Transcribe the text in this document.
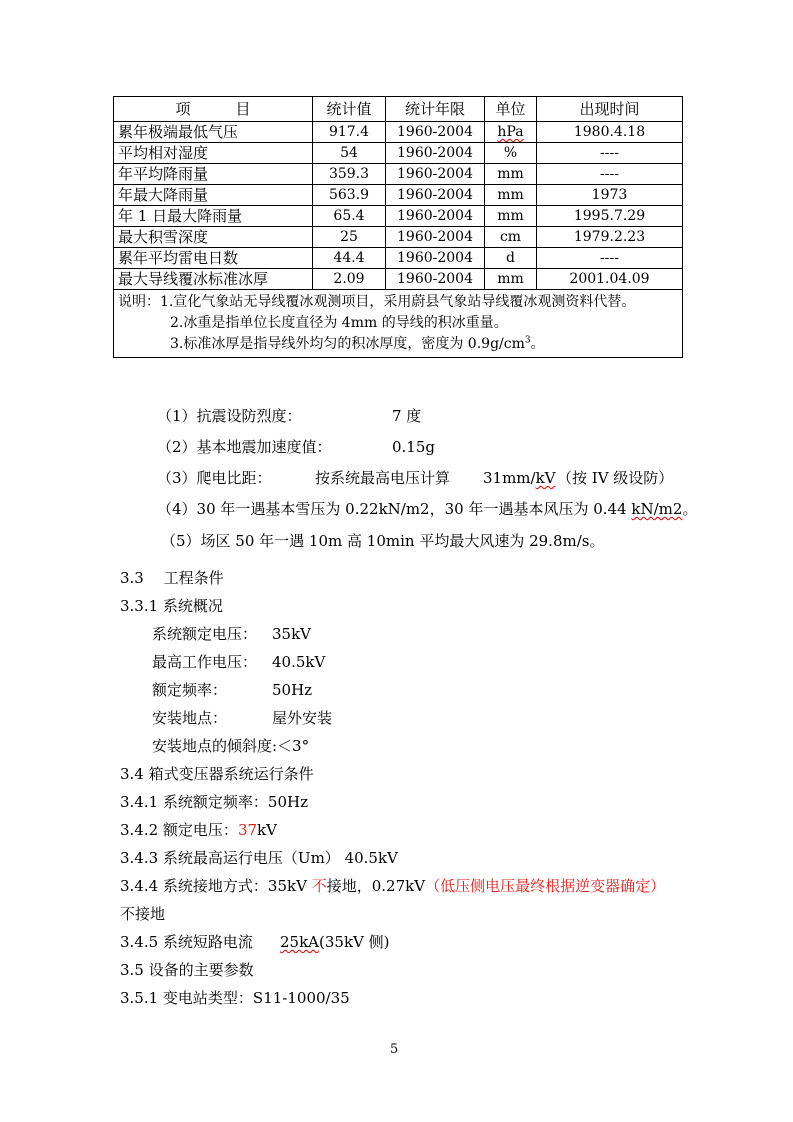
项　　　目	统计值	统计年限	单位	出现时间
累年极端最低气压	917.4	1960-2004	hPa	1980.4.18
平均相对湿度	54	1960-2004	%	----
年平均降雨量	359.3	1960-2004	mm	----
年最大降雨量	563.9	1960-2004	mm	1973
年 1 日最大降雨量	65.4	1960-2004	mm	1995.7.29
最大积雪深度	25	1960-2004	cm	1979.2.23
累年平均雷电日数	44.4	1960-2004	d	----
最大导线覆冰标准冰厚	2.09	1960-2004	mm	2001.04.09

说明：1.宣化气象站无导线覆冰观测项目，采用蔚县气象站导线覆冰观测资料代替。
2.冰重是指单位长度直径为 4mm 的导线的积冰重量。
3.标准冰厚是指导线外均匀的积冰厚度，密度为 $0.9g/cm^3$。				
（1）抗震设防烈度：	7 度
（2）基本地震加速度值：	0.15g
（3）爬电比距：	按系统最高电压计算 31mm/kV （按 IV 级设防）
（4）30 年一遇基本雪压为 0.22kN/m2，30 年一遇基本风压为 0.44 kN/m2。
（5）场区 50 年一遇 10m 高 10min 平均最大风速为 29.8m/s。
3.3　 工程条件
3.3.1 系统概况
系统额定电压： 35kV
最高工作电压： 40.5kV
额定频率：	50Hz
安装地点：	屋外安装
安装地点的倾斜度:＜3°
3.4 箱式变压器系统运行条件
3.4.1 系统额定频率：50Hz
3.4.2 额定电压：37kV
3.4.3 系统最高运行电压（Um） 40.5kV
3.4.4 系统接地方式：35kV 不接地，0.27kV（低压侧电压最终根据逆变器确定）
不接地
3.4.5 系统短路电流 25kA(35kV 侧)
3.5 设备的主要参数
3.5.1 变电站类型：S11-1000/35
5
